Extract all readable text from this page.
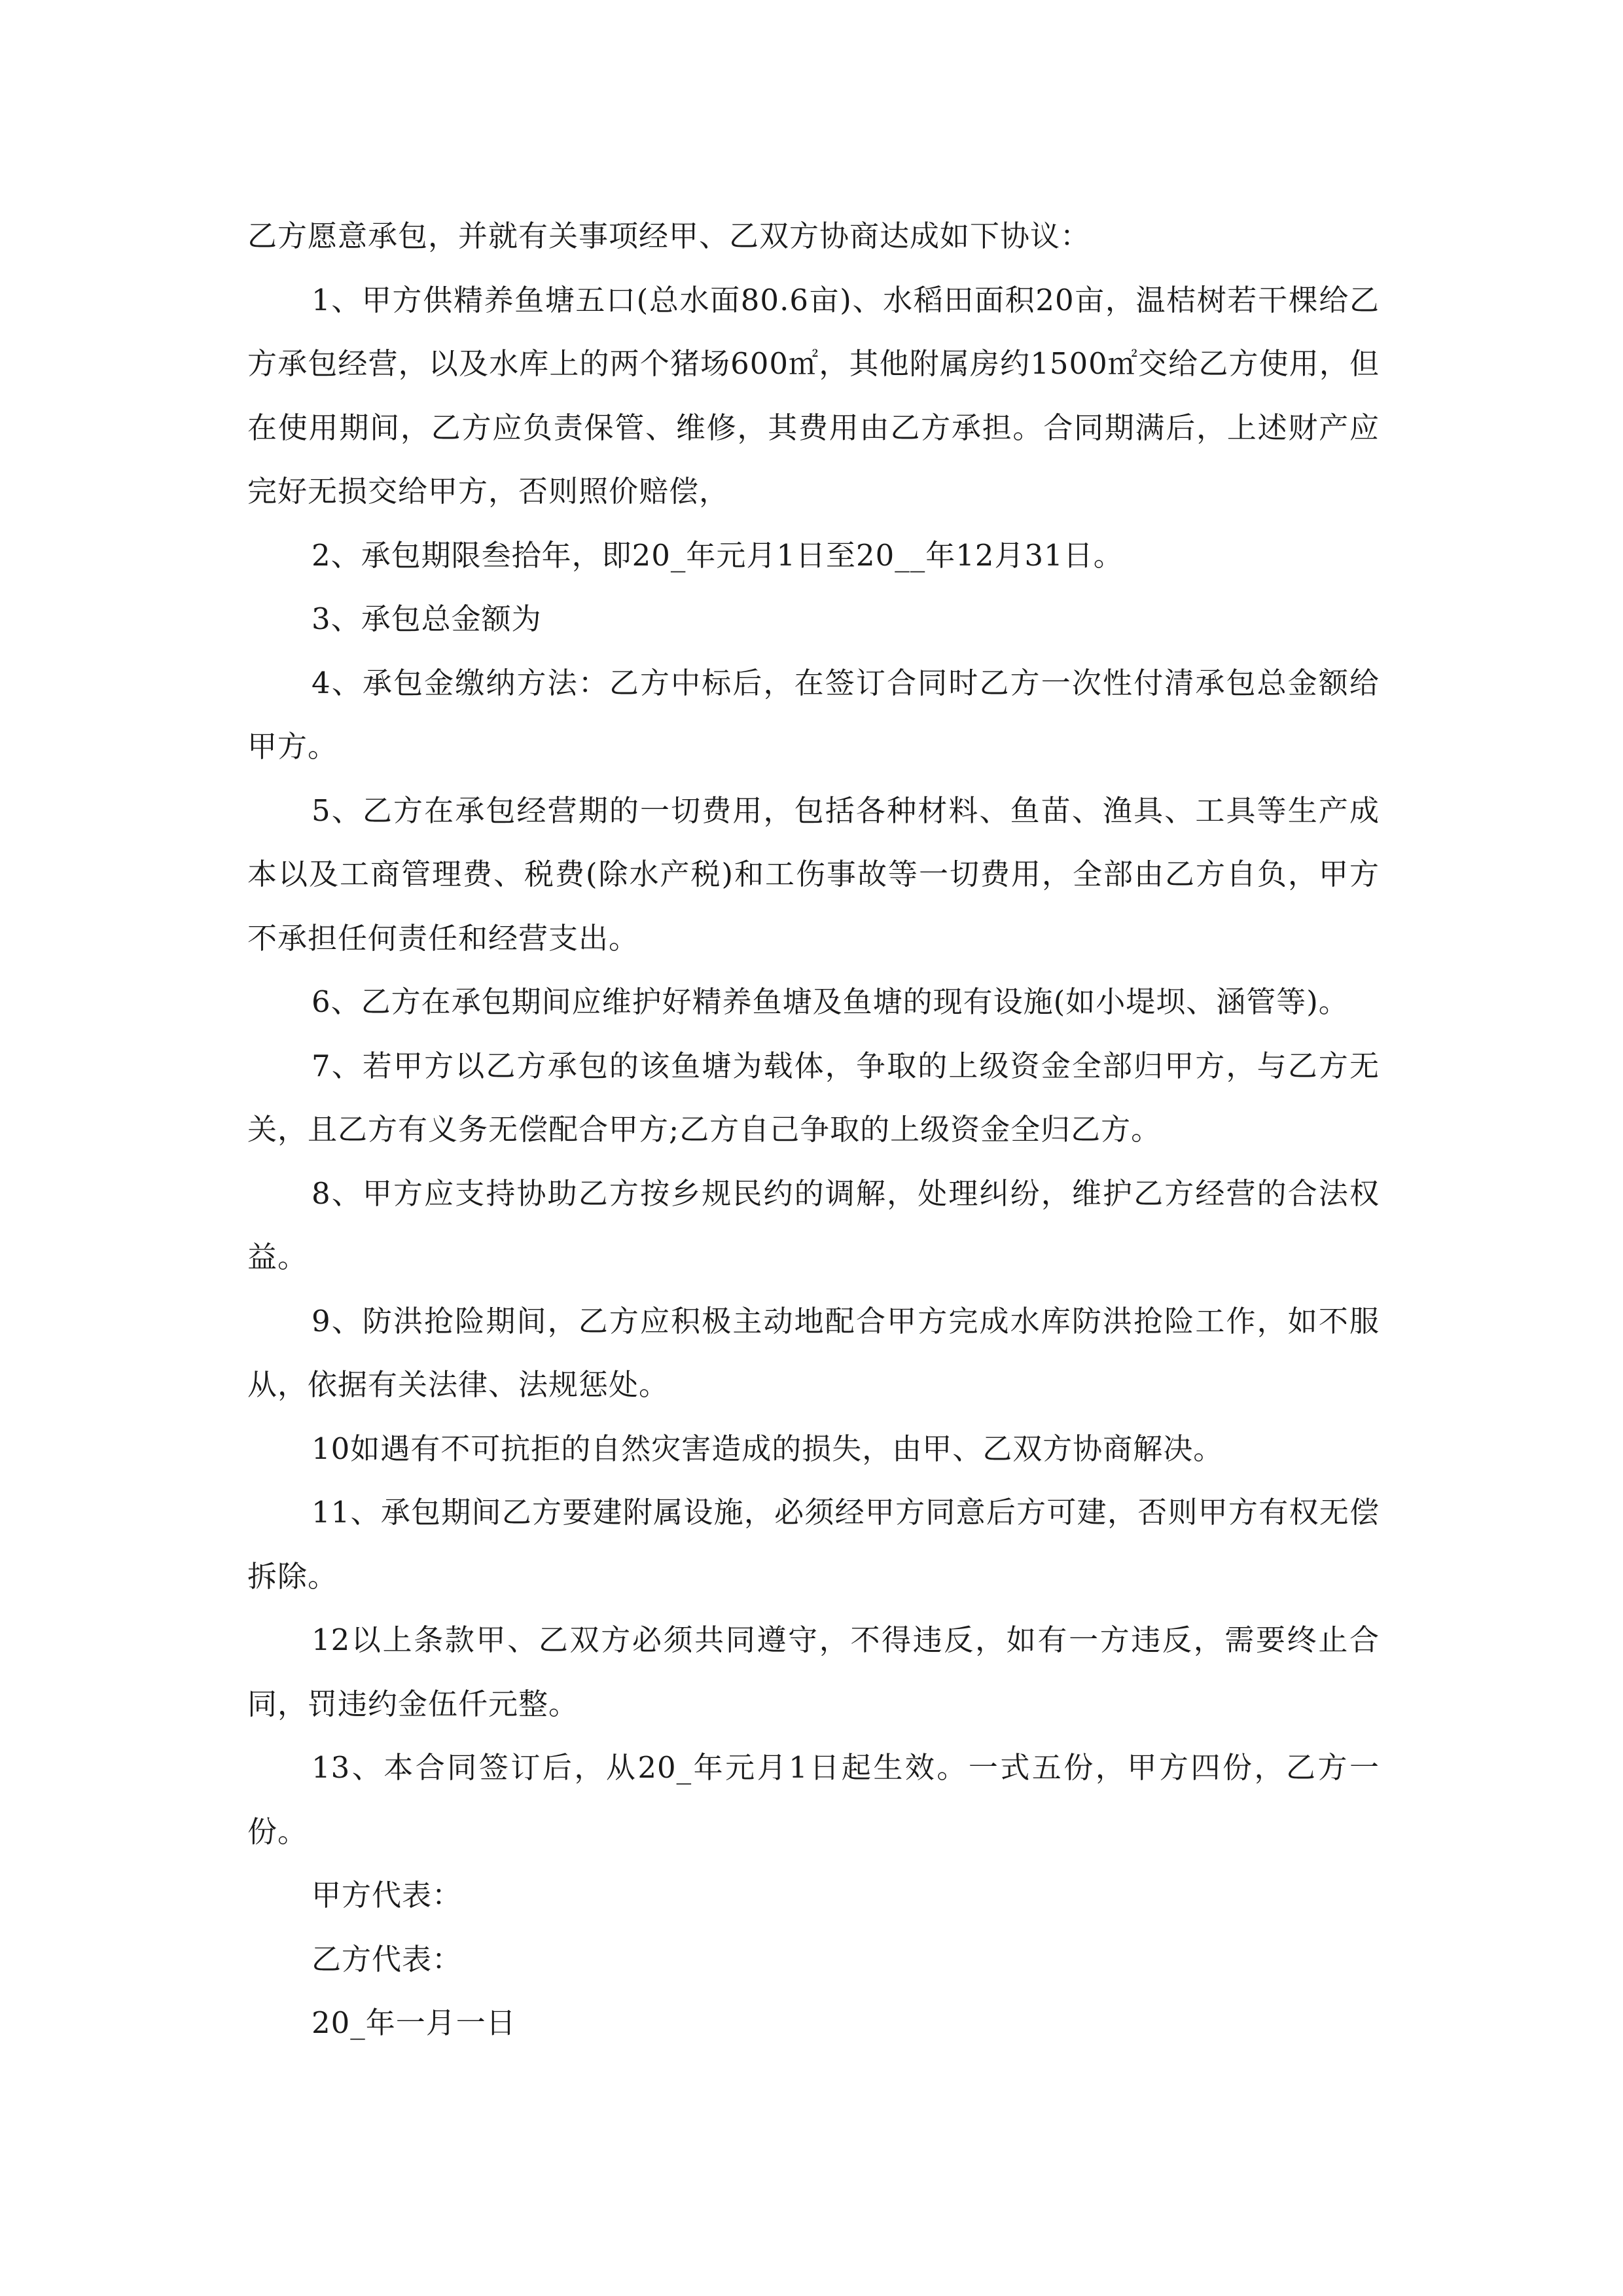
乙方愿意承包，并就有关事项经甲、乙双方协商达成如下协议：

1、甲方供精养鱼塘五口(总水面80.6亩)、水稻田面积20亩，温桔树若干棵给乙方承包经营，以及水库上的两个猪场600㎡，其他附属房约1500㎡交给乙方使用，但在使用期间，乙方应负责保管、维修，其费用由乙方承担。合同期满后，上述财产应完好无损交给甲方，否则照价赔偿，

2、承包期限叁拾年，即20_年元月1日至20__年12月31日。

3、承包总金额为

4、承包金缴纳方法：乙方中标后，在签订合同时乙方一次性付清承包总金额给甲方。

5、乙方在承包经营期的一切费用，包括各种材料、鱼苗、渔具、工具等生产成本以及工商管理费、税费(除水产税)和工伤事故等一切费用，全部由乙方自负，甲方不承担任何责任和经营支出。

6、乙方在承包期间应维护好精养鱼塘及鱼塘的现有设施(如小堤坝、涵管等)。

7、若甲方以乙方承包的该鱼塘为载体，争取的上级资金全部归甲方，与乙方无关，且乙方有义务无偿配合甲方;乙方自己争取的上级资金全归乙方。

8、甲方应支持协助乙方按乡规民约的调解，处理纠纷，维护乙方经营的合法权益。

9、防洪抢险期间，乙方应积极主动地配合甲方完成水库防洪抢险工作，如不服从，依据有关法律、法规惩处。

10如遇有不可抗拒的自然灾害造成的损失，由甲、乙双方协商解决。

11、承包期间乙方要建附属设施，必须经甲方同意后方可建，否则甲方有权无偿拆除。

12以上条款甲、乙双方必须共同遵守，不得违反，如有一方违反，需要终止合同，罚违约金伍仟元整。

13、本合同签订后，从20_年元月1日起生效。一式五份，甲方四份，乙方一份。

甲方代表：

乙方代表：

20_年一月一日
